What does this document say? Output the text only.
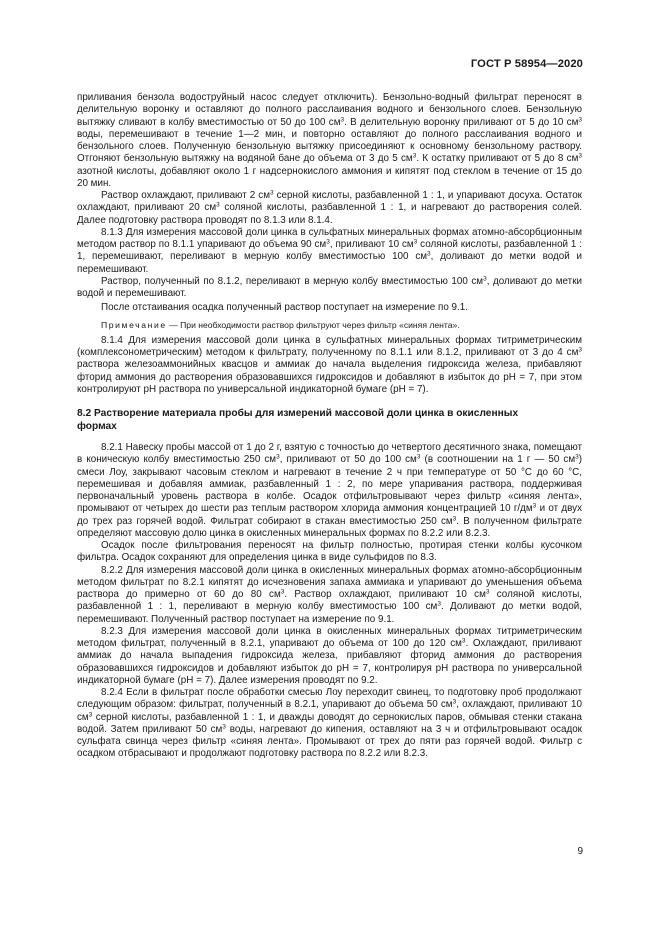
ГОСТ Р 58954—2020

приливания бензола водоструйный насос следует отключить). Бензольно-водный фильтрат переносят в делительную воронку и оставляют до полного расслаивания водного и бензольного слоев. Бензольную вытяжку сливают в колбу вместимостью от 50 до 100 $см^3$. В делительную воронку приливают от 5 до 10 $см^3$ воды, перемешивают в течение 1—2 мин, и повторно оставляют до полного расслаивания водного и бензольного слоев. Полученную бензольную вытяжку присоединяют к основному бензольному раствору. Отгоняют бензольную вытяжку на водяной бане до объема от 3 до 5 $см^3$. К остатку приливают от 5 до 8 $см^3$ азотной кислоты, добавляют около 1 г надсернокислого аммония и кипятят под стеклом в течение от 15 до 20 мин.

Раствор охлаждают, приливают 2 $см^3$ серной кислоты, разбавленной 1 : 1, и упаривают досуха. Остаток охлаждают, приливают 20 $см^3$ соляной кислоты, разбавленной 1 : 1, и нагревают до растворения солей. Далее подготовку раствора проводят по 8.1.3 или 8.1.4.

8.1.3 Для измерения массовой доли цинка в сульфатных минеральных формах атомно-абсорбционным методом раствор по 8.1.1 упаривают до объема 90 $см^3$, приливают 10 $см^3$ соляной кислоты, разбавленной 1 : 1, перемешивают, переливают в мерную колбу вместимостью 100 $см^3$, доливают до метки водой и перемешивают.

Раствор, полученный по 8.1.2, переливают в мерную колбу вместимостью 100 $см^3$, доливают до метки водой и перемешивают.

После отстаивания осадка полученный раствор поступает на измерение по 9.1.

Примечание — При необходимости раствор фильтруют через фильтр «синяя лента».

8.1.4 Для измерения массовой доли цинка в сульфатных минеральных формах титриметрическим (комплексонометрическим) методом к фильтрату, полученному по 8.1.1 или 8.1.2, приливают от 3 до 4 $см^3$ раствора железоаммонийных квасцов и аммиак до начала выделения гидроксида железа, прибавляют фторид аммония до растворения образовавшихся гидроксидов и добавляют в избыток до pH = 7, при этом контролируют pH раствора по универсальной индикаторной бумаге (pH = 7).

8.2 Растворение материала пробы для измерений массовой доли цинка в окисленных
формах

8.2.1 Навеску пробы массой от 1 до 2 г, взятую с точностью до четвертого десятичного знака, помещают в коническую колбу вместимостью 250 $см^3$, приливают от 50 до 100 $см^3$ (в соотношении на 1 г — 50 $см^3$) смеси Лоу, закрывают часовым стеклом и нагревают в течение 2 ч при температуре от 50 °С до 60 °С, перемешивая и добавляя аммиак, разбавленный 1 : 2, по мере упаривания раствора, поддерживая первоначальный уровень раствора в колбе. Осадок отфильтровывают через фильтр «синяя лента», промывают от четырех до шести раз теплым раствором хлорида аммония концентрацией 10 $г/дм^3$ и от двух до трех раз горячей водой. Фильтрат собирают в стакан вместимостью 250 $см^3$. В полученном фильтрате определяют массовую долю цинка в окисленных минеральных формах по 8.2.2 или 8.2.3.

Осадок после фильтрования переносят на фильтр полностью, протирая стенки колбы кусочком фильтра. Осадок сохраняют для определения цинка в виде сульфидов по 8.3.

8.2.2 Для измерения массовой доли цинка в окисленных минеральных формах атомно-абсорбционным методом фильтрат по 8.2.1 кипятят до исчезновения запаха аммиака и упаривают до уменьшения объема раствора до примерно от 60 до 80 $см^3$. Раствор охлаждают, приливают 10 $см^3$ соляной кислоты, разбавленной 1 : 1, переливают в мерную колбу вместимостью 100 $см^3$. Доливают до метки водой, перемешивают. Полученный раствор поступает на измерение по 9.1.

8.2.3 Для измерения массовой доли цинка в окисленных минеральных формах титриметрическим методом фильтрат, полученный в 8.2.1, упаривают до объема от 100 до 120 $см^3$. Охлаждают, приливают аммиак до начала выпадения гидроксида железа, прибавляют фторид аммония до растворения образовавшихся гидроксидов и добавляют избыток до pH = 7, контролируя pH раствора по универсальной индикаторной бумаге (pH = 7). Далее измерения проводят по 9.2.

8.2.4 Если в фильтрат после обработки смесью Лоу переходит свинец, то подготовку проб продолжают следующим образом: фильтрат, полученный в 8.2.1, упаривают до объема 50 $см^3$, охлаждают, приливают 10 $см^3$ серной кислоты, разбавленной 1 : 1, и дважды доводят до сернокислых паров, обмывая стенки стакана водой. Затем приливают 50 $см^3$ воды, нагревают до кипения, оставляют на 3 ч и отфильтровывают осадок сульфата свинца через фильтр «синяя лента». Промывают от трех до пяти раз горячей водой. Фильтр с осадком отбрасывают и продолжают подготовку раствора по 8.2.2 или 8.2.3.

9
